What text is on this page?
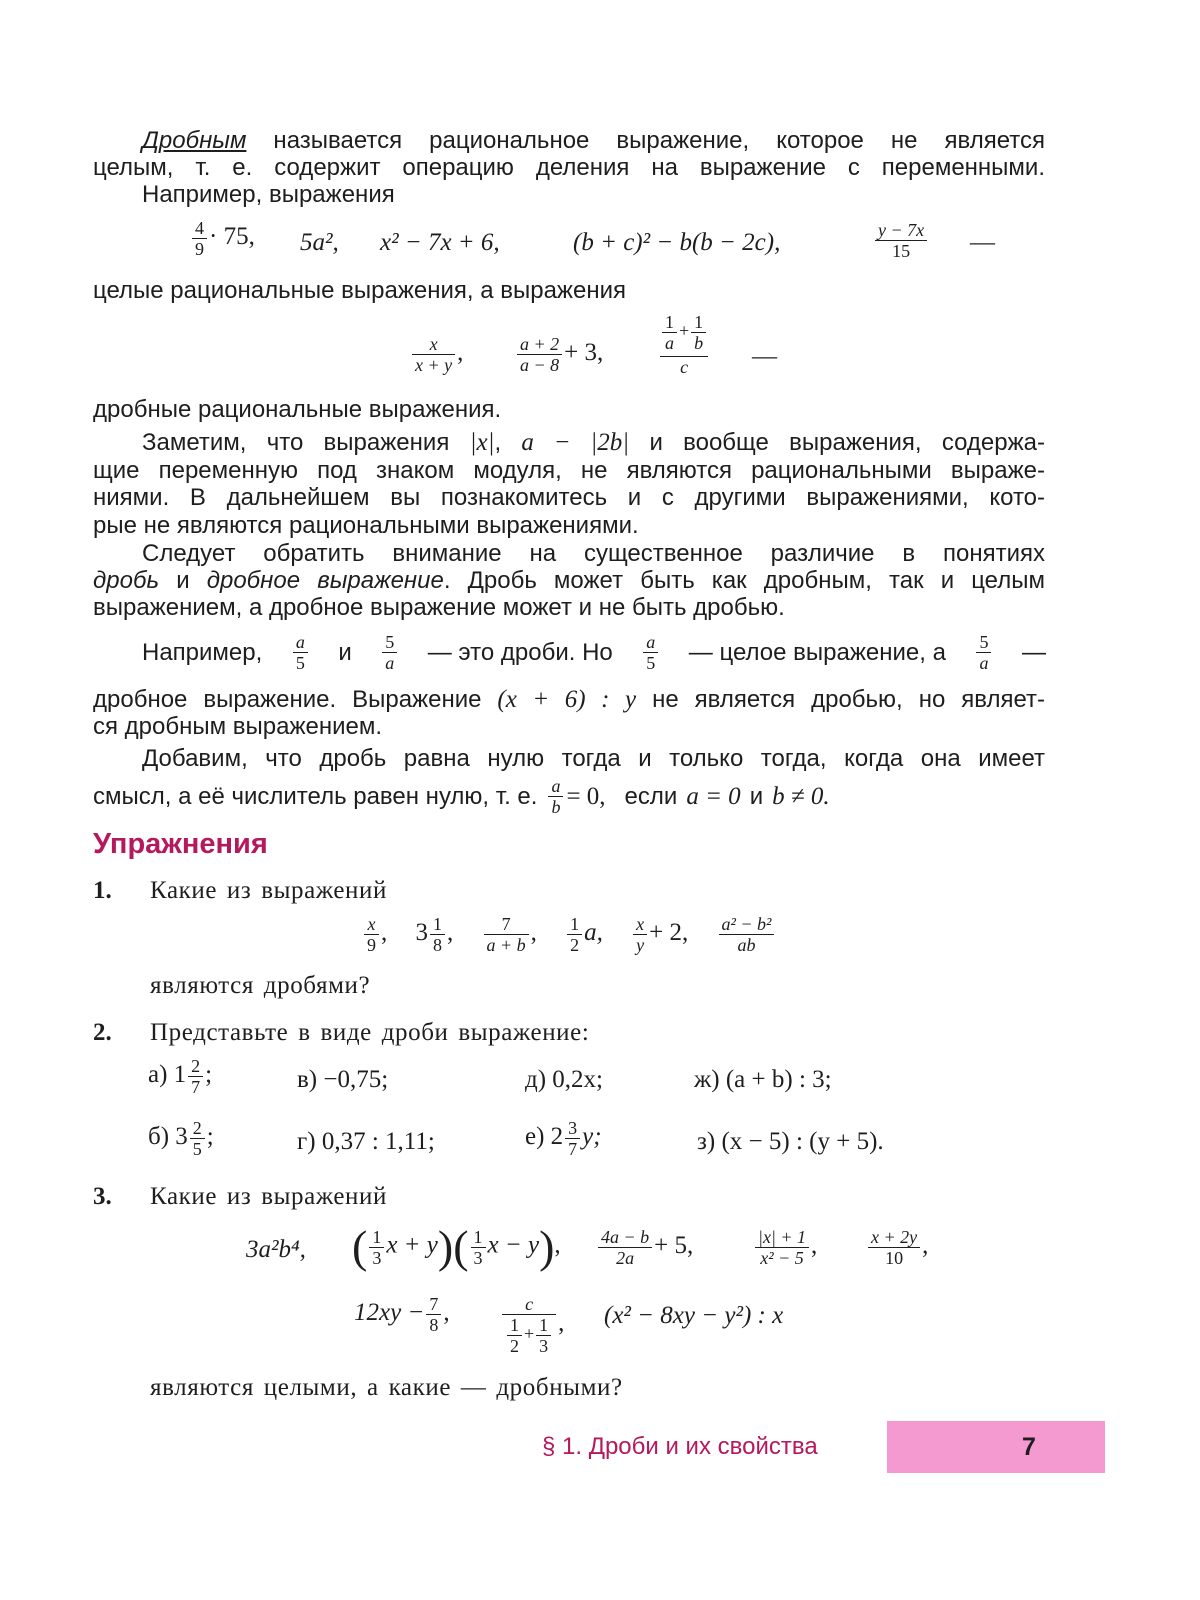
Дробным называется рациональное выражение, которое не является
целым, т. е. содержит операцию деления на выражение с переменными.
Например, выражения
$\frac{4}{9} \cdot 75$, 5a², x² − 7x + 6,	(b + c)² − b(b − 2c),	$\frac{y - 7x}{15}$ —
целые рациональные выражения, а выражения
$\frac{x}{x + y}$ ,	$\frac{a + 2}{a - 8} + 3$,	$\frac{\frac{1}{a} + \frac{1}{b}}{c}$ —
дробные рациональные выражения.
Заметим, что выражения |x|, a − |2b| и вообще выражения, содержа-
щие переменную под знаком модуля, не являются рациональными выраже-
ниями. В дальнейшем вы познакомитесь и с другими выражениями, кото-
рые не являются рациональными выражениями.
Следует обратить внимание на существенное различие в понятиях
дробь и дробное выражение. Дробь может быть как дробным, так и целым
выражением, а дробное выражение может и не быть дробью.
Например, $\frac{a}{5}$ и $\frac{5}{a}$ — это дроби. Но $\frac{a}{5}$ — целое выражение, а $\frac{5}{a}$ —
дробное выражение. Выражение (x + 6) : y не является дробью, но являет-
ся дробным выражением.
Добавим, что дробь равна нулю тогда и только тогда, когда она имеет
смысл, а её числитель равен нулю, т. е. $\frac{a}{b} = 0$, если a = 0 и b ≠ 0.
Упражнения
1. Какие из выражений
$\frac{x}{9}$ , $3 \frac{1}{8}$ , $\frac{7}{a + b}$ , $\frac{1}{2} a$, $\frac{x}{y} + 2$, $\frac{\text{a² − b²}}{ab}$
являются дробями?
2. Представьте в виде дроби выражение:
а) $1 \frac{2}{7}$ ;	в) −0,75;	д) 0,2x;	ж) (a + b) : 3;
б) $3 \frac{2}{5}$ ;	г) 0,37 : 1,11;	е) $2 \frac{3}{7} y$;	з) (x − 5) : (y + 5).
3. Какие из выражений
3a²b⁴, ( $\frac{1}{3}$ $x + y)( \frac{1}{3}$ x − y), $\frac{4a - b}{2a} + 5$,	$\frac{|x| + 1}{\text{x² − 5}}$ ,	$\frac{x + 2y}{10}$ ,
$12xy - \frac{7}{8}$ ,	$\frac{c}{\frac{1}{2} + \frac{1}{3}}$ , (x² − 8xy − y²) : x
являются целыми, а какие — дробными?
§ 1. Дроби и их свойства	7
